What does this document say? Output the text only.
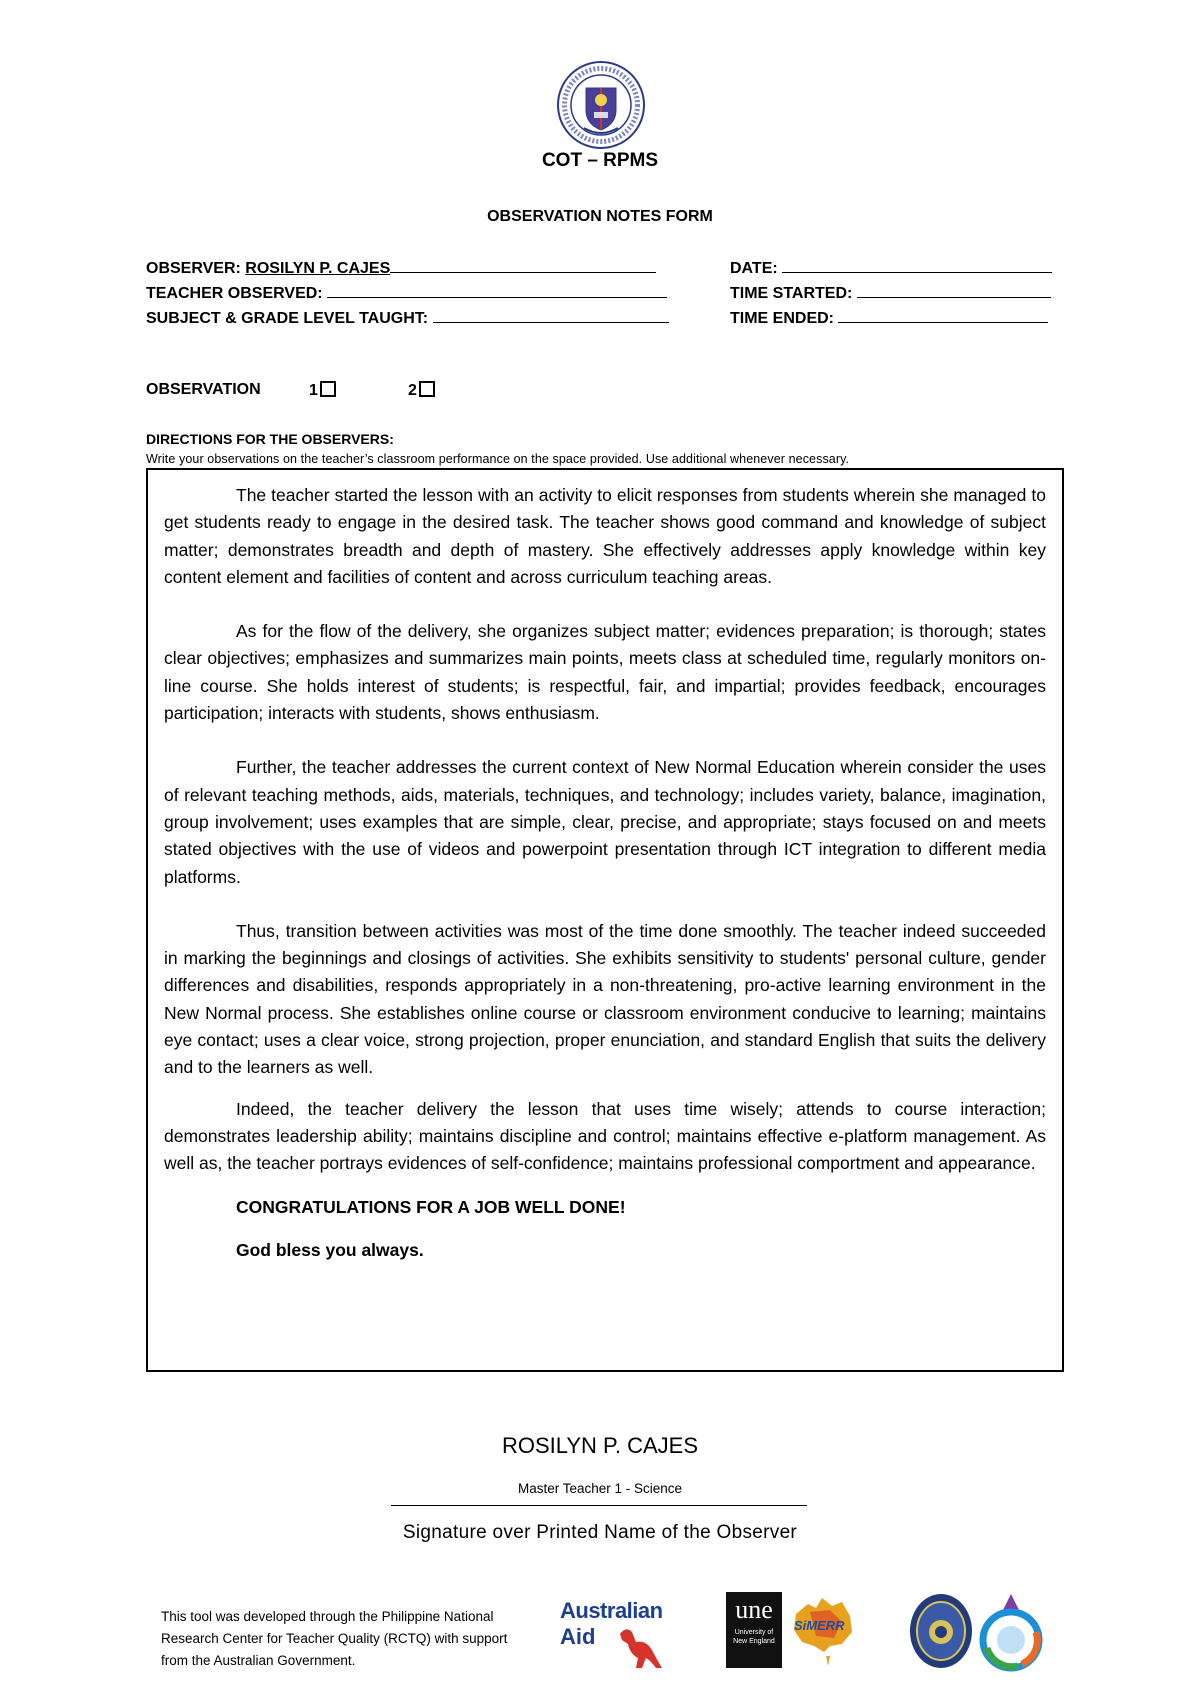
COT – RPMS
OBSERVATION NOTES FORM
OBSERVER: ROSILYN P. CAJES
TEACHER OBSERVED:
SUBJECT & GRADE LEVEL TAUGHT:
DATE:
TIME STARTED:
TIME ENDED:
OBSERVATION	1	2
DIRECTIONS FOR THE OBSERVERS:
Write your observations on the teacher’s classroom performance on the space provided. Use additional whenever necessary.

The teacher started the lesson with an activity to elicit responses from students wherein she managed to get students ready to engage in the desired task. The teacher shows good command and knowledge of subject matter; demonstrates breadth and depth of mastery. She effectively addresses apply knowledge within key content element and facilities of content and across curriculum teaching areas.

As for the flow of the delivery, she organizes subject matter; evidences preparation; is thorough; states clear objectives; emphasizes and summarizes main points, meets class at scheduled time, regularly monitors on-line course. She holds interest of students; is respectful, fair, and impartial; provides feedback, encourages participation; interacts with students, shows enthusiasm.

Further, the teacher addresses the current context of New Normal Education wherein consider the uses of relevant teaching methods, aids, materials, techniques, and technology; includes variety, balance, imagination, group involvement; uses examples that are simple, clear, precise, and appropriate; stays focused on and meets stated objectives with the use of videos and powerpoint presentation through ICT integration to different media platforms.

Thus, transition between activities was most of the time done smoothly. The teacher indeed succeeded in marking the beginnings and closings of activities. She exhibits sensitivity to students' personal culture, gender differences and disabilities, responds appropriately in a non-threatening, pro-active learning environment in the New Normal process. She establishes online course or classroom environment conducive to learning; maintains eye contact; uses a clear voice, strong projection, proper enunciation, and standard English that suits the delivery and to the learners as well.

Indeed, the teacher delivery the lesson that uses time wisely; attends to course interaction; demonstrates leadership ability; maintains discipline and control; maintains effective e-platform management. As well as, the teacher portrays evidences of self-confidence; maintains professional comportment and appearance.

CONGRATULATIONS FOR A JOB WELL DONE!

God bless you always.

ROSILYN P. CAJES
Master Teacher 1 - Science
Signature over Printed Name of the Observer
This tool was developed through the Philippine National
Research Center for Teacher Quality (RCTQ) with support
from the Australian Government.
Australian
Aid
une
University of
New England
SiMERR
